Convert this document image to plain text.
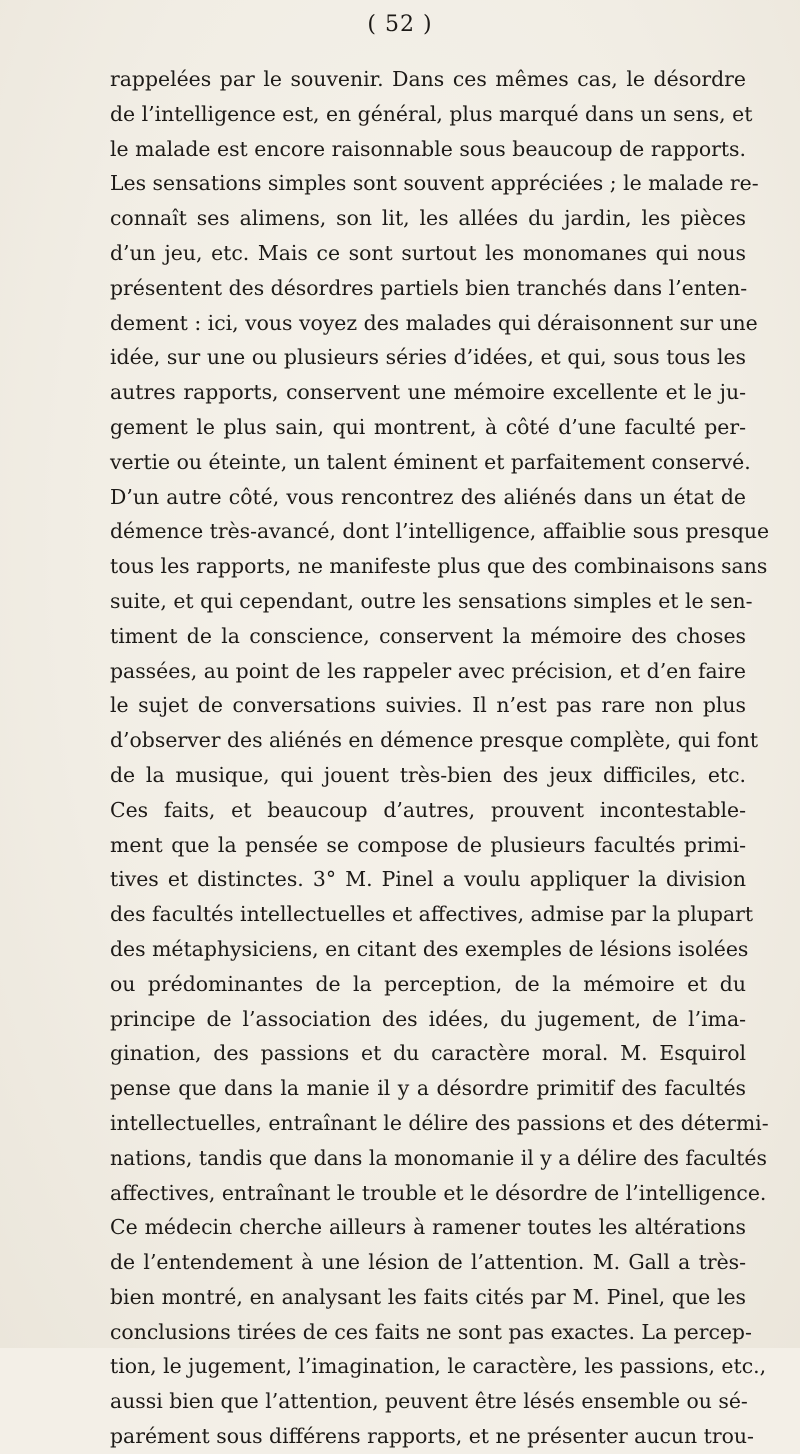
( 52 )
rappelées par le souvenir. Dans ces mêmes cas, le désordre
de l’intelligence est, en général, plus marqué dans un sens, et
le malade est encore raisonnable sous beaucoup de rapports.
Les sensations simples sont souvent appréciées ; le malade re-
connaît ses alimens, son lit, les allées du jardin, les pièces
d’un jeu, etc. Mais ce sont surtout les monomanes qui nous
présentent des désordres partiels bien tranchés dans l’enten-
dement : ici, vous voyez des malades qui déraisonnent sur une
idée, sur une ou plusieurs séries d’idées, et qui, sous tous les
autres rapports, conservent une mémoire excellente et le ju-
gement le plus sain, qui montrent, à côté d’une faculté per-
vertie ou éteinte, un talent éminent et parfaitement conservé.
D’un autre côté, vous rencontrez des aliénés dans un état de
démence très-avancé, dont l’intelligence, affaiblie sous presque
tous les rapports, ne manifeste plus que des combinaisons sans
suite, et qui cependant, outre les sensations simples et le sen-
timent de la conscience, conservent la mémoire des choses
passées, au point de les rappeler avec précision, et d’en faire
le sujet de conversations suivies. Il n’est pas rare non plus
d’observer des aliénés en démence presque complète, qui font
de la musique, qui jouent très-bien des jeux difficiles, etc.
Ces faits, et beaucoup d’autres, prouvent incontestable-
ment que la pensée se compose de plusieurs facultés primi-
tives et distinctes. 3° M. Pinel a voulu appliquer la division
des facultés intellectuelles et affectives, admise par la plupart
des métaphysiciens, en citant des exemples de lésions isolées
ou prédominantes de la perception, de la mémoire et du
principe de l’association des idées, du jugement, de l’ima-
gination, des passions et du caractère moral. M. Esquirol
pense que dans la manie il y a désordre primitif des facultés
intellectuelles, entraînant le délire des passions et des détermi-
nations, tandis que dans la monomanie il y a délire des facultés
affectives, entraînant le trouble et le désordre de l’intelligence.
Ce médecin cherche ailleurs à ramener toutes les altérations
de l’entendement à une lésion de l’attention. M. Gall a très-
bien montré, en analysant les faits cités par M. Pinel, que les
conclusions tirées de ces faits ne sont pas exactes. La percep-
tion, le jugement, l’imagination, le caractère, les passions, etc.,
aussi bien que l’attention, peuvent être lésés ensemble ou sé-
parément sous différens rapports, et ne présenter aucun trou-
